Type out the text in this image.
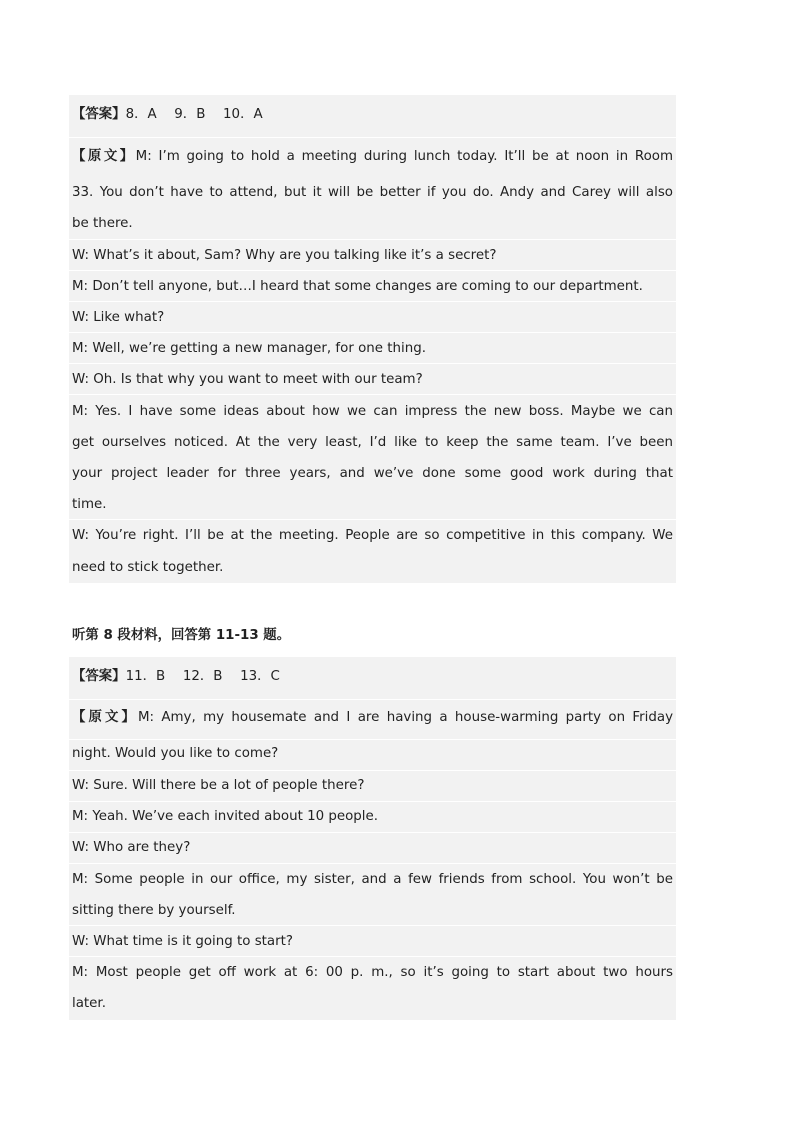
【答案】8．A　 9．B　 10．A
【原文】M: I’m going to hold a meeting during lunch today. It’ll be at noon in Room
33. You don’t have to attend, but it will be better if you do. Andy and Carey will also
be there.
W: What’s it about, Sam? Why are you talking like it’s a secret?
M: Don’t tell anyone, but…I heard that some changes are coming to our department.
W: Like what?
M: Well, we’re getting a new manager, for one thing.
W: Oh. Is that why you want to meet with our team?
M: Yes. I have some ideas about how we can impress the new boss. Maybe we can
get ourselves noticed. At the very least, I’d like to keep the same team. I’ve been
your project leader for three years, and we’ve done some good work during that
time.
W: You’re right. I’ll be at the meeting. People are so competitive in this company. We
need to stick together.
听第 8 段材料，回答第 11-13 题。
【答案】11．B　 12．B　 13．C
【原文】M: Amy, my housemate and I are having a house-warming party on Friday
night. Would you like to come?
W: Sure. Will there be a lot of people there?
M: Yeah. We’ve each invited about 10 people.
W: Who are they?
M: Some people in our office, my sister, and a few friends from school. You won’t be
sitting there by yourself.
W: What time is it going to start?
M: Most people get off work at 6: 00 p. m., so it’s going to start about two hours
later.
